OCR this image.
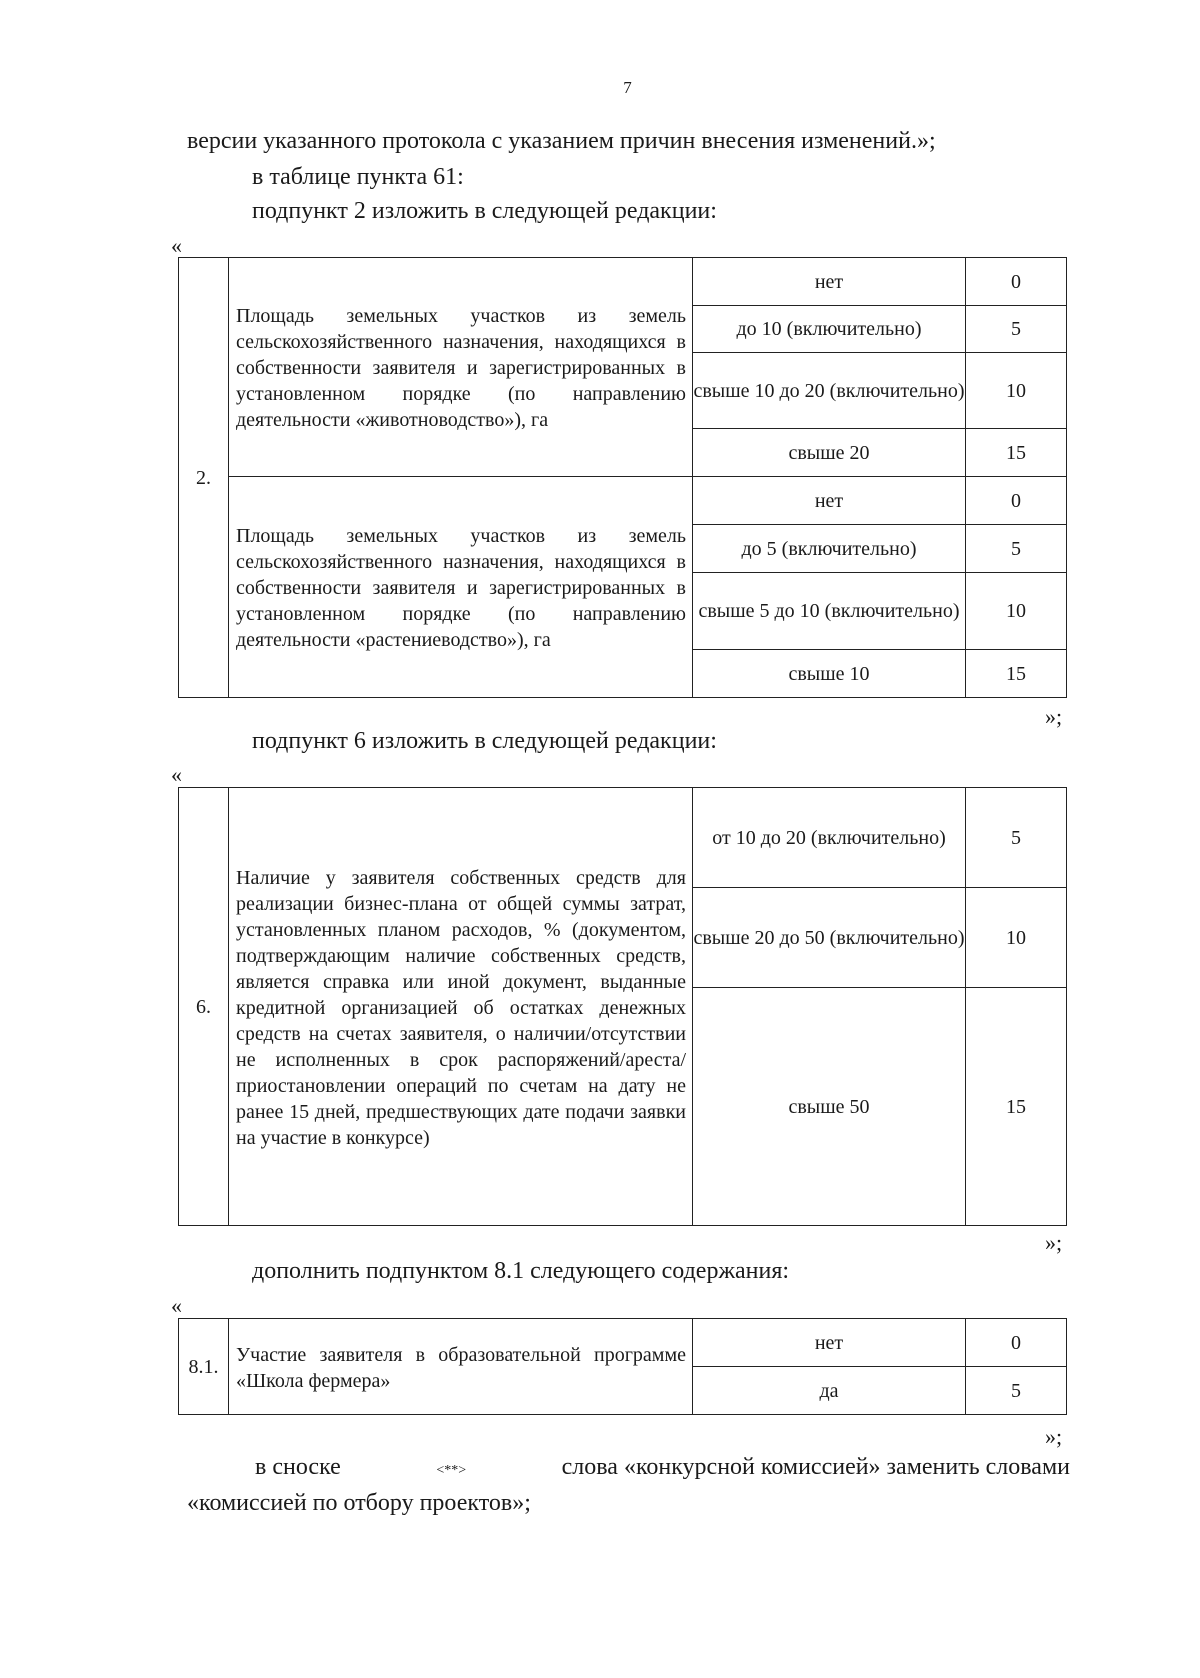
7
версии указанного протокола с указанием причин внесения изменений.»;
в таблице пункта 61:
подпункт 2 изложить в следующей редакции:
«
2.	Площадь земельных участков из земель сельскохозяйственного назначения, находящихся в собственности заявителя и зарегистрированных в установленном порядке (по направлению деятельности «животноводство»), га	нет	0
		до 10 (включительно)	5
		свыше 10 до 20 (включительно)	10
		свыше 20	15
	Площадь земельных участков из земель сельскохозяйственного назначения, находящихся в собственности заявителя и зарегистрированных в установленном порядке (по направлению деятельности «растениеводство»), га	нет	0
		до 5 (включительно)	5
		свыше 5 до 10 (включительно)	10
		свыше 10	15
»;
подпункт 6 изложить в следующей редакции:
«
6.	Наличие у заявителя собственных средств для реализации бизнес-плана от общей суммы затрат, установленных планом расходов, % (документом, подтверждающим наличие собственных средств, является справка или иной документ, выданные кредитной организацией об остатках денежных средств на счетах заявителя, о наличии/отсутствии не исполненных в срок распоряжений/ареста/приостановлении операций по счетам на дату не ранее 15 дней, предшествующих дате подачи заявки на участие в конкурсе)	от 10 до 20 (включительно)	5
		свыше 20 до 50 (включительно)	10
		свыше 50	15
»;
дополнить подпунктом 8.1 следующего содержания:
«
8.1.	Участие заявителя в образовательной программе «Школа фермера»	нет	0
		да	5
»;
в сноске	<**>	слова «конкурсной комиссией» заменить словами
«комиссией по отбору проектов»;
